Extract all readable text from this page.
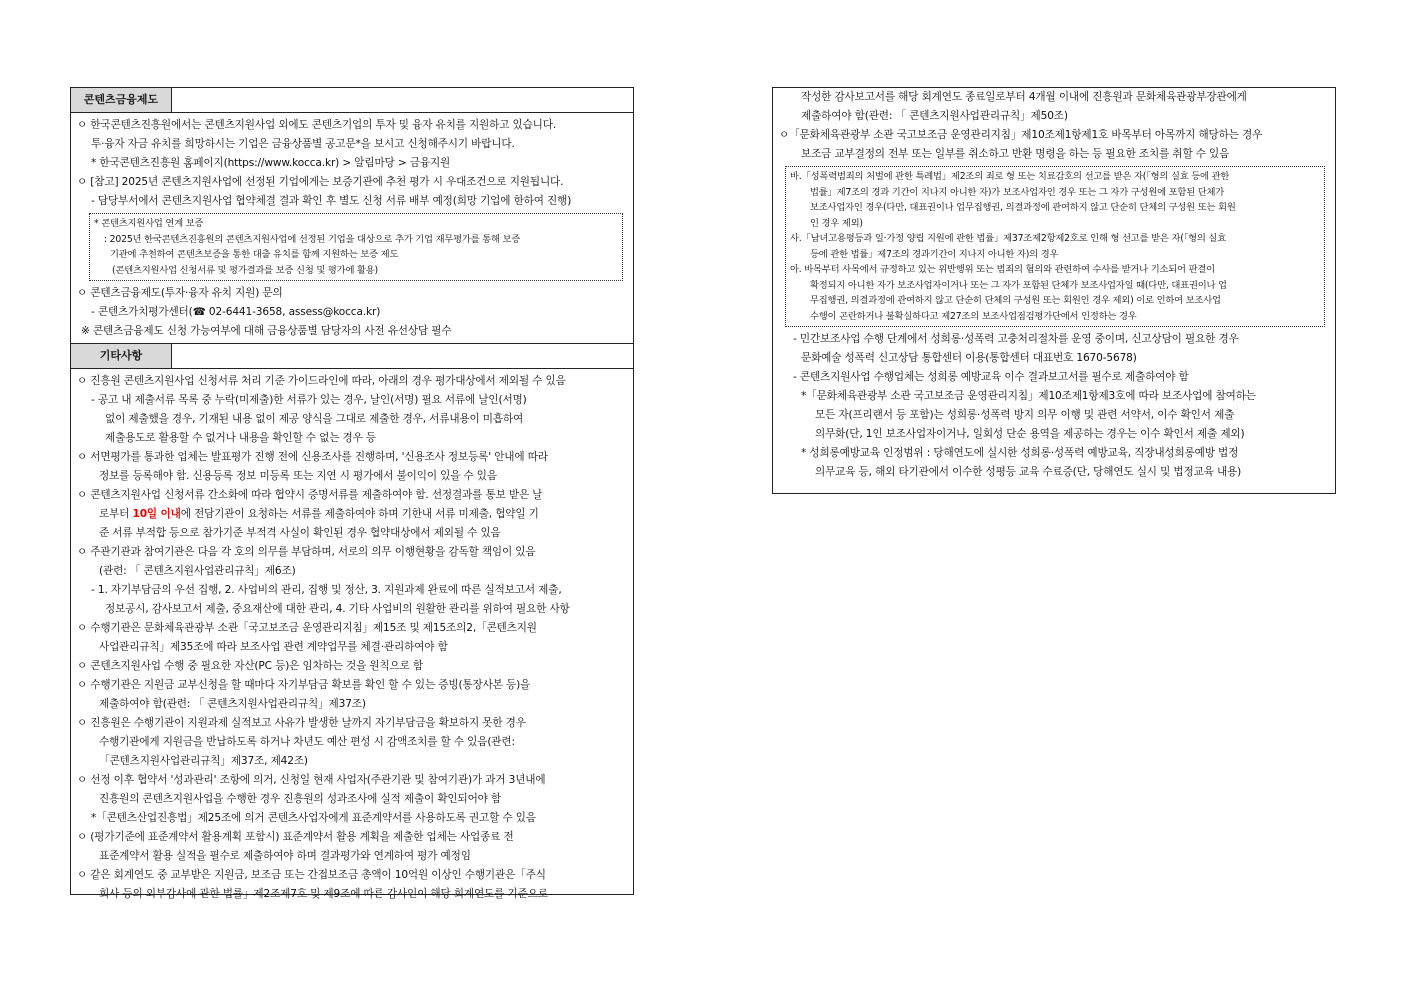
콘텐츠금융제도
ㅇ 한국콘텐츠진흥원에서는 콘텐츠지원사업 외에도 콘텐츠기업의 투자 및 융자 유치를 지원하고 있습니다.
투·융자 자금 유치를 희망하시는 기업은 금융상품별 공고문*을 보시고 신청해주시기 바랍니다.
* 한국콘텐츠진흥원 홈페이지(https://www.kocca.kr) > 알림마당 > 금융지원
ㅇ [참고] 2025년 콘텐츠지원사업에 선정된 기업에게는 보증기관에 추천 평가 시 우대조건으로 지원됩니다.
- 담당부서에서 콘텐츠지원사업 협약체결 결과 확인 후 별도 신청 서류 배부 예정(희망 기업에 한하여 진행)
* 콘텐츠지원사업 연계 보증
: 2025년 한국콘텐츠진흥원의 콘텐츠지원사업에 선정된 기업을 대상으로 추가 기업 재무평가를 통해 보증
기관에 추천하여 콘텐츠보증을 통한 대출 유치를 함께 지원하는 보증 제도
(콘텐츠지원사업 신청서류 및 평가결과를 보증 신청 및 평가에 활용)
ㅇ 콘텐츠금융제도(투자·융자 유치 지원) 문의
- 콘텐츠가치평가센터(☎ 02-6441-3658, assess@kocca.kr)
※ 콘텐츠금융제도 신청 가능여부에 대해 금융상품별 담당자의 사전 유선상담 필수
기타사항
ㅇ 진흥원 콘텐츠지원사업 신청서류 처리 기준 가이드라인에 따라, 아래의 경우 평가대상에서 제외될 수 있음
- 공고 내 제출서류 목록 중 누락(미제출)한 서류가 있는 경우, 날인(서명) 필요 서류에 날인(서명)
없이 제출했을 경우, 기재된 내용 없이 제공 양식을 그대로 제출한 경우, 서류내용이 미흡하여
제출용도로 활용할 수 없거나 내용을 확인할 수 없는 경우 등
ㅇ 서면평가를 통과한 업체는 발표평가 진행 전에 신용조사를 진행하며, '신용조사 정보등록' 안내에 따라
정보를 등록해야 함. 신용등록 정보 미등록 또는 지연 시 평가에서 불이익이 있을 수 있음
ㅇ 콘텐츠지원사업 신청서류 간소화에 따라 협약시 증명서류를 제출하여야 함. 선정결과를 통보 받은 날
로부터 10일 이내에 전담기관이 요청하는 서류를 제출하여야 하며 기한내 서류 미제출, 협약일 기
준 서류 부적합 등으로 참가기준 부적격 사실이 확인된 경우 협약대상에서 제외될 수 있음
ㅇ 주관기관과 참여기관은 다음 각 호의 의무를 부담하며, 서로의 의무 이행현황을 감독할 책임이 있음
(관련: 「 콘텐츠지원사업관리규칙」제6조)
- 1. 자기부담금의 우선 집행, 2. 사업비의 관리, 집행 및 정산, 3. 지원과제 완료에 따른 실적보고서 제출,
정보공시, 감사보고서 제출, 중요재산에 대한 관리, 4. 기타 사업비의 원활한 관리를 위하여 필요한 사항
ㅇ 수행기관은 문화체육관광부 소관「국고보조금 운영관리지침」제15조 및 제15조의2,「콘텐츠지원
사업관리규칙」제35조에 따라 보조사업 관련 계약업무를 체결·관리하여야 함
ㅇ 콘텐츠지원사업 수행 중 필요한 자산(PC 등)은 임차하는 것을 원칙으로 함
ㅇ 수행기관은 지원금 교부신청을 할 때마다 자기부담금 확보를 확인 할 수 있는 증빙(통장사본 등)을
제출하여야 함(관련: 「 콘텐츠지원사업관리규칙」제37조)
ㅇ 진흥원은 수행기관이 지원과제 실적보고 사유가 발생한 날까지 자기부담금을 확보하지 못한 경우
수행기관에게 지원금을 반납하도록 하거나 차년도 예산 편성 시 감액조치를 할 수 있음(관련:
「콘텐츠지원사업관리규칙」제37조, 제42조)
ㅇ 선정 이후 협약서 '성과관리' 조항에 의거, 신청일 현재 사업자(주관기관 및 참여기관)가 과거 3년내에
진흥원의 콘텐츠지원사업을 수행한 경우 진흥원의 성과조사에 실적 제출이 확인되어야 함
*「콘텐츠산업진흥법」제25조에 의거 콘텐츠사업자에게 표준계약서를 사용하도록 권고할 수 있음
ㅇ (평가기준에 표준계약서 활용계획 포함시) 표준계약서 활용 계획을 제출한 업체는 사업종료 전
표준계약서 활용 실적을 필수로 제출하여야 하며 결과평가와 연계하여 평가 예정임
ㅇ 같은 회계연도 중 교부받은 지원금, 보조금 또는 간접보조금 총액이 10억원 이상인 수행기관은「주식
회사 등의 외부감사에 관한 법률」제2조제7호 및 제9조에 따른 감사인이 해당 회계연도를 기준으로
작성한 감사보고서를 해당 회계연도 종료일로부터 4개월 이내에 진흥원과 문화체육관광부장관에게
제출하여야 함(관련: 「 콘텐츠지원사업관리규칙」제50조)
ㅇ「문화체육관광부 소관 국고보조금 운영관리지침」제10조제1항제1호 바목부터 아목까지 해당하는 경우
보조금 교부결정의 전부 또는 일부를 취소하고 반환 명령을 하는 등 필요한 조치를 취할 수 있음
바.「성폭력범죄의 처벌에 관한 특례법」제2조의 죄로 형 또는 치료감호의 선고를 받은 자(「형의 실효 등에 관한
법률」제7조의 경과 기간이 지나지 아니한 자)가 보조사업자인 경우 또는 그 자가 구성원에 포함된 단체가
보조사업자인 경우(다만, 대표권이나 업무집행권, 의결과정에 관여하지 않고 단순히 단체의 구성원 또는 회원
인 경우 제외)
사.「남녀고용평등과 일·가정 양립 지원에 관한 법률」제37조제2항제2호로 인해 형 선고를 받은 자(「형의 실효
등에 관한 법률」제7조의 경과기간이 지나지 아니한 자)의 경우
아. 바목부터 사목에서 규정하고 있는 위반행위 또는 범죄의 혐의와 관련하여 수사를 받거나 기소되어 판결이
확정되지 아니한 자가 보조사업자이거나 또는 그 자가 포함된 단체가 보조사업자일 때(다만, 대표권이나 업
무집행권, 의결과정에 관여하지 않고 단순히 단체의 구성원 또는 회원인 경우 제외) 이로 인하여 보조사업
수행이 곤란하거나 불확실하다고 제27조의 보조사업점검평가단에서 인정하는 경우
- 민간보조사업 수행 단계에서 성희롱·성폭력 고충처리절차를 운영 중이며, 신고상담이 필요한 경우
문화예술 성폭력 신고상담 통합센터 이용(통합센터 대표번호 1670-5678)
- 콘텐츠지원사업 수행업체는 성희롱 예방교육 이수 결과보고서를 필수로 제출하여야 함
*「문화체육관광부 소관 국고보조금 운영관리지침」제10조제1항제3호에 따라 보조사업에 참여하는
모든 자(프리랜서 등 포함)는 성희롱·성폭력 방지 의무 이행 및 관련 서약서, 이수 확인서 제출
의무화(단, 1인 보조사업자이거나, 일회성 단순 용역을 제공하는 경우는 이수 확인서 제출 제외)
* 성희롱예방교육 인정범위 : 당해연도에 실시한 성희롱·성폭력 예방교육, 직장내성희롱예방 법정
의무교육 등, 해외 타기관에서 이수한 성평등 교육 수료증(단, 당해연도 실시 및 법정교육 내용)
